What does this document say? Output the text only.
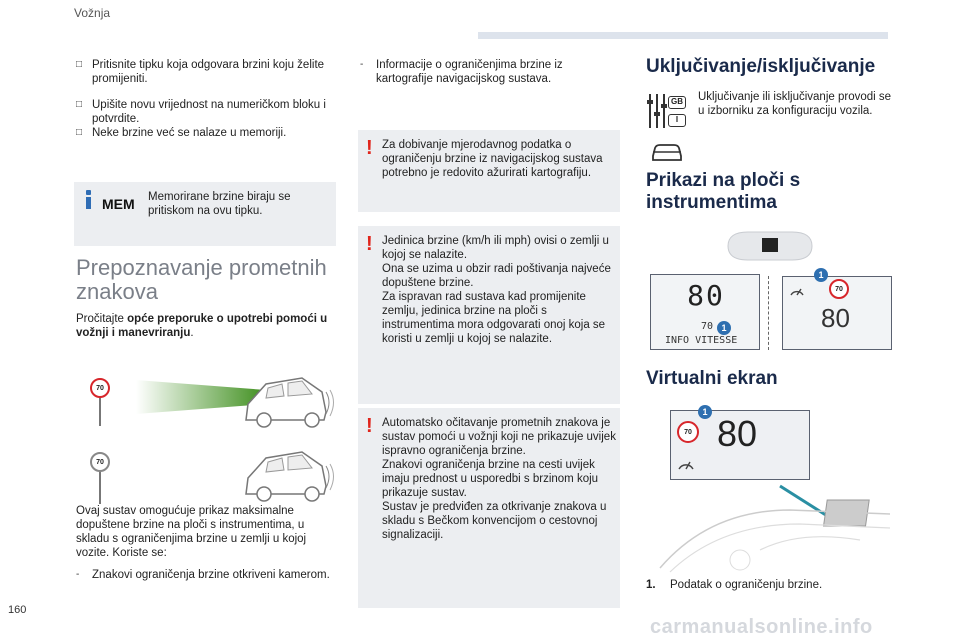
Vožnja
□ Pritisnite tipku koja odgovara brzini koju želite promijeniti.
□ Upišite novu vrijednost na numeričkom bloku i potvrdite.
□ Neke brzine već se nalaze u memoriji.
MEM Memorirane brzine biraju se pritiskom na ovu tipku.
Prepoznavanje prometnih znakova
Pročitajte opće preporuke o upotrebi pomoći u vožnji i manevriranju.
70
70
Ovaj sustav omogućuje prikaz maksimalne dopuštene brzine na ploči s instrumentima, u skladu s ograničenjima brzine u zemlji u kojoj vozite. Koriste se:
-	Znakovi ograničenja brzine otkriveni kamerom.
-	Informacije o ograničenjima brzine iz kartografije navigacijskog sustava.
! Za dobivanje mjerodavnog podatka o ograničenju brzine iz navigacijskog sustava potrebno je redovito ažurirati kartografiju.
! Jedinica brzine (km/h ili mph) ovisi o zemlji u kojoj se nalazite.
Ona se uzima u obzir radi poštivanja najveće dopuštene brzine.
Za ispravan rad sustava kad promijenite zemlju, jedinica brzine na ploči s instrumentima mora odgovarati onoj koja se koristi u zemlji u kojoj se nalazite.
! Automatsko očitavanje prometnih znakova je sustav pomoći u vožnji koji ne prikazuje uvijek ispravno ograničenja brzine.
Znakovi ograničenja brzine na cesti uvijek imaju prednost u usporedbi s brzinom koju prikazuje sustav.
Sustav je predviđen za otkrivanje znakova u skladu s Bečkom konvencijom o cestovnoj signalizaciji.
Uključivanje/isključivanje
GB
I
Uključivanje ili isključivanje provodi se u izborniku za konfiguraciju vozila.
Prikazi na ploči s instrumentima
80
70 1
INFO VITESSE
70
80
1
Virtualni ekran
70 80
1
1. Podatak o ograničenju brzine.
160
carmanualsonline.info
